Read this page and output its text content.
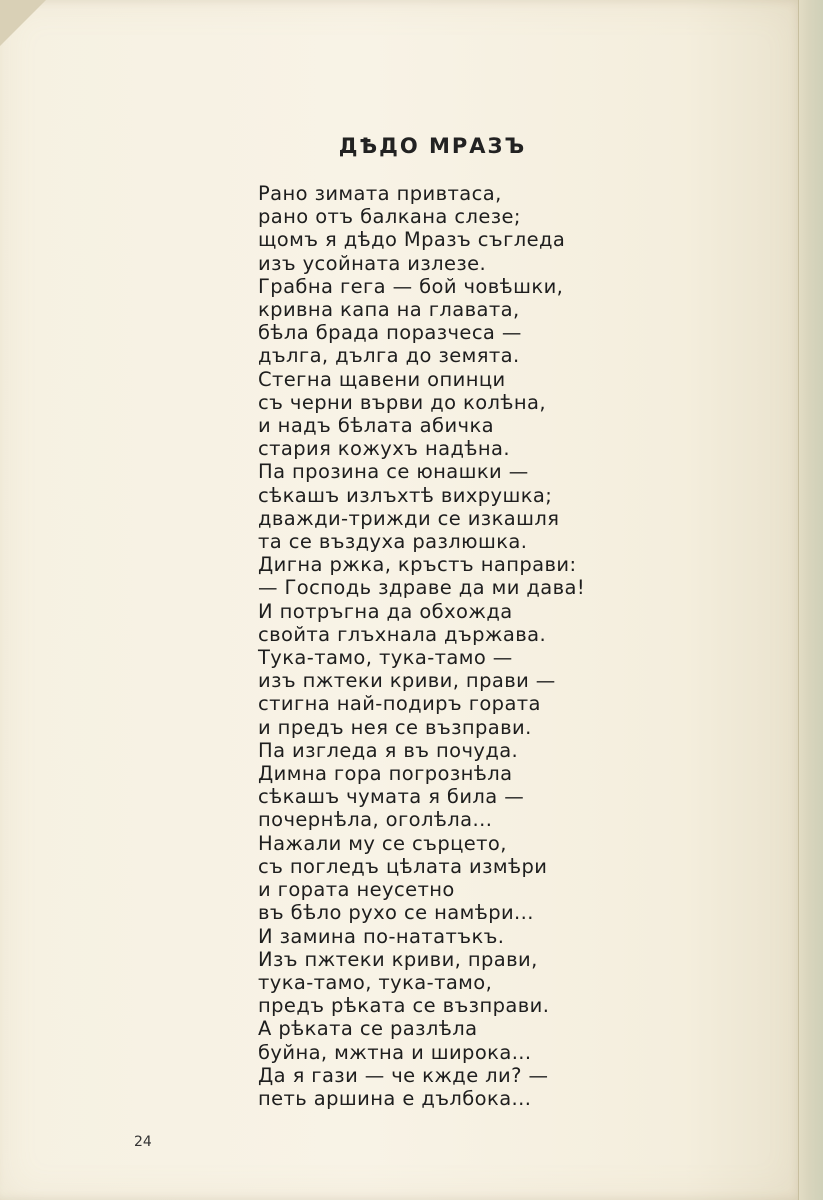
ДѢДО МРАЗЪ
Рано зимата привтаса,
рано отъ балкана слезе;
щомъ я дѣдо Мразъ съгледа
изъ усойната излезе.
Грабна гега — бой човѣшки,
кривна капа на главата,
бѣла брада поразчеса —
дълга, дълга до земята.
Стегна щавени опинци
съ черни върви до колѣна,
и надъ бѣлата абичка
стария кожухъ надѣна.
Па прозина се юнашки —
сѣкашъ излъхтѣ вихрушка;
дважди-трижди се изкашля
та се въздуха разлюшка.
Дигна ржка, кръстъ направи:
— Господь здраве да ми дава!
И потръгна да обхожда
свойта глъхнала държава.
Тука-тамо, тука-тамо —
изъ пжтеки криви, прави —
стигна най-подиръ гората
и предъ нея се възправи.
Па изгледа я въ почуда.
Димна гора погрознѣла
сѣкашъ чумата я била —
почернѣла, оголѣла...
Нажали му се сърцето,
съ погледъ цѣлата измѣри
и гората неусетно
въ бѣло рухо се намѣри...
И замина по-нататъкъ.
Изъ пжтеки криви, прави,
тука-тамо, тука-тамо,
предъ рѣката се възправи.
А рѣката се разлѣла
буйна, мжтна и широка...
Да я гази — че кжде ли? —
петь аршина е дълбока...
24
